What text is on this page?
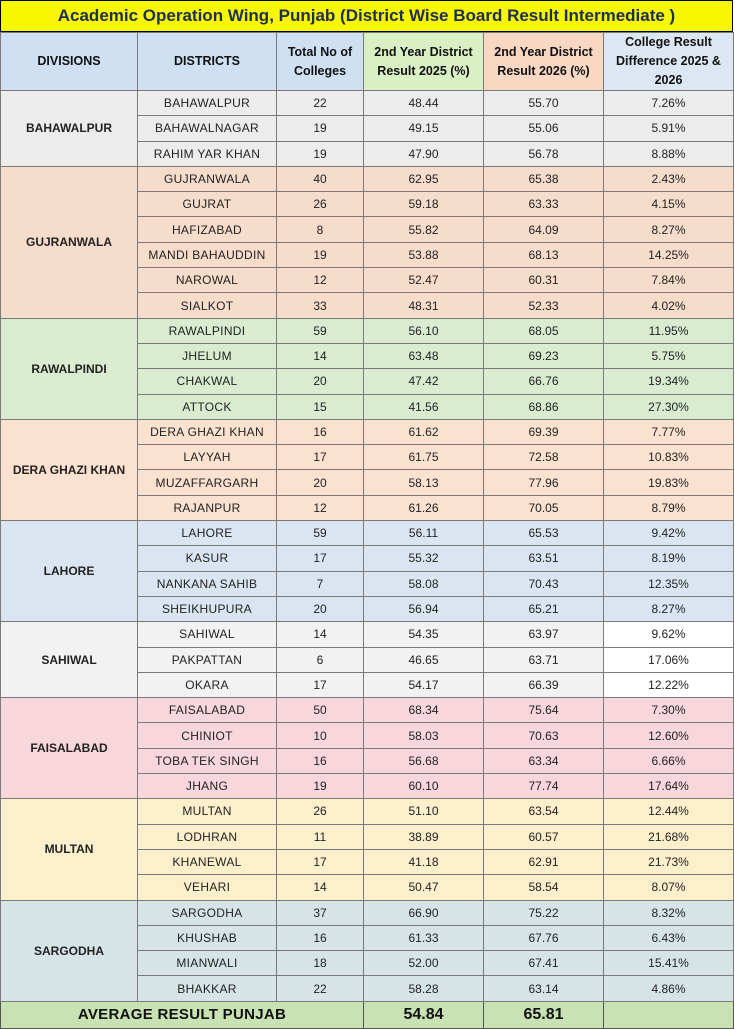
Academic Operation Wing, Punjab (District Wise Board Result Intermediate )
DIVISIONS	DISTRICTS	Total No of Colleges	2nd Year District Result 2025 (%)	2nd Year District Result 2026 (%)	College Result Difference 2025 & 2026
BAHAWALPUR	BAHAWALPUR	22	48.44	55.70	7.26%
	BAHAWALNAGAR	19	49.15	55.06	5.91%
	RAHIM YAR KHAN	19	47.90	56.78	8.88%
GUJRANWALA	GUJRANWALA	40	62.95	65.38	2.43%
	GUJRAT	26	59.18	63.33	4.15%
	HAFIZABAD	8	55.82	64.09	8.27%
	MANDI BAHAUDDIN	19	53.88	68.13	14.25%
	NAROWAL	12	52.47	60.31	7.84%
	SIALKOT	33	48.31	52.33	4.02%
RAWALPINDI	RAWALPINDI	59	56.10	68.05	11.95%
	JHELUM	14	63.48	69.23	5.75%
	CHAKWAL	20	47.42	66.76	19.34%
	ATTOCK	15	41.56	68.86	27.30%
DERA GHAZI KHAN	DERA GHAZI KHAN	16	61.62	69.39	7.77%
	LAYYAH	17	61.75	72.58	10.83%
	MUZAFFARGARH	20	58.13	77.96	19.83%
	RAJANPUR	12	61.26	70.05	8.79%
LAHORE	LAHORE	59	56.11	65.53	9.42%
	KASUR	17	55.32	63.51	8.19%
	NANKANA SAHIB	7	58.08	70.43	12.35%
	SHEIKHUPURA	20	56.94	65.21	8.27%
SAHIWAL	SAHIWAL	14	54.35	63.97	9.62%
	PAKPATTAN	6	46.65	63.71	17.06%
	OKARA	17	54.17	66.39	12.22%
FAISALABAD	FAISALABAD	50	68.34	75.64	7.30%
	CHINIOT	10	58.03	70.63	12.60%
	TOBA TEK SINGH	16	56.68	63.34	6.66%
	JHANG	19	60.10	77.74	17.64%
MULTAN	MULTAN	26	51.10	63.54	12.44%
	LODHRAN	11	38.89	60.57	21.68%
	KHANEWAL	17	41.18	62.91	21.73%
	VEHARI	14	50.47	58.54	8.07%
SARGODHA	SARGODHA	37	66.90	75.22	8.32%
	KHUSHAB	16	61.33	67.76	6.43%
	MIANWALI	18	52.00	67.41	15.41%
	BHAKKAR	22	58.28	63.14	4.86%
AVERAGE RESULT PUNJAB			54.84	65.81	
